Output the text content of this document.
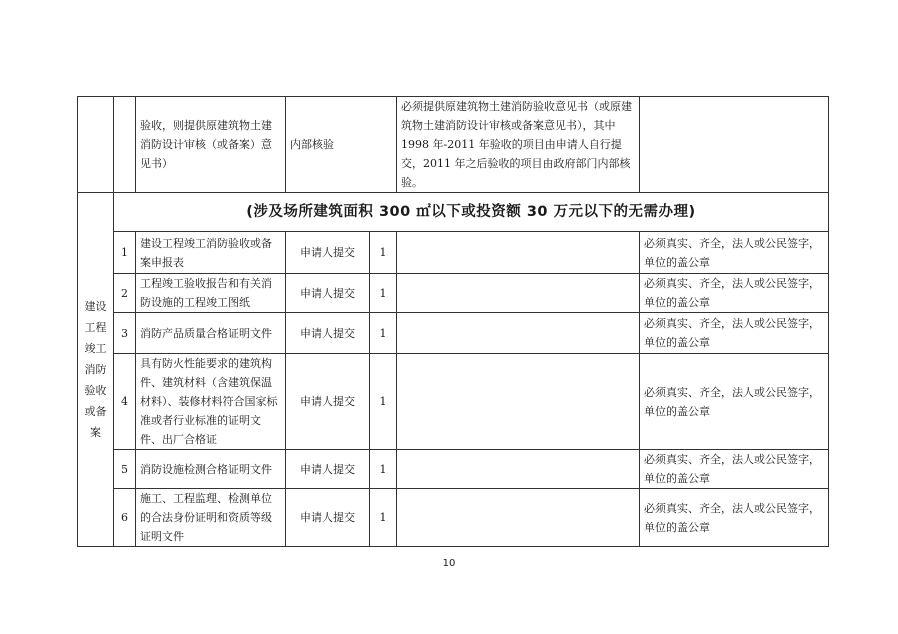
		验收，则提供原建筑物土建消防设计审核（或备案）意见书）	内部核验		必须提供原建筑物土建消防验收意见书（或原建筑物土建消防设计审核或备案意见书），其中1998 年-2011 年验收的项目由申请人自行提交，2011 年之后验收的项目由政府部门内部核验。	
建设工程竣工消防验收或备案	(涉及场所建筑面积 300 ㎡以下或投资额 30 万元以下的无需办理)					
	1	建设工程竣工消防验收或备案申报表	申请人提交	1		必须真实、齐全，法人或公民签字，单位的盖公章
	2	工程竣工验收报告和有关消防设施的工程竣工图纸	申请人提交	1		必须真实、齐全，法人或公民签字，单位的盖公章
	3	消防产品质量合格证明文件	申请人提交	1		必须真实、齐全，法人或公民签字，单位的盖公章
	4	具有防火性能要求的建筑构件、建筑材料（含建筑保温材料）、装修材料符合国家标准或者行业标准的证明文件、出厂合格证	申请人提交	1		必须真实、齐全，法人或公民签字，单位的盖公章
	5	消防设施检测合格证明文件	申请人提交	1		必须真实、齐全，法人或公民签字，单位的盖公章
	6	施工、工程监理、检测单位的合法身份证明和资质等级证明文件	申请人提交	1		必须真实、齐全，法人或公民签字，单位的盖公章
10
